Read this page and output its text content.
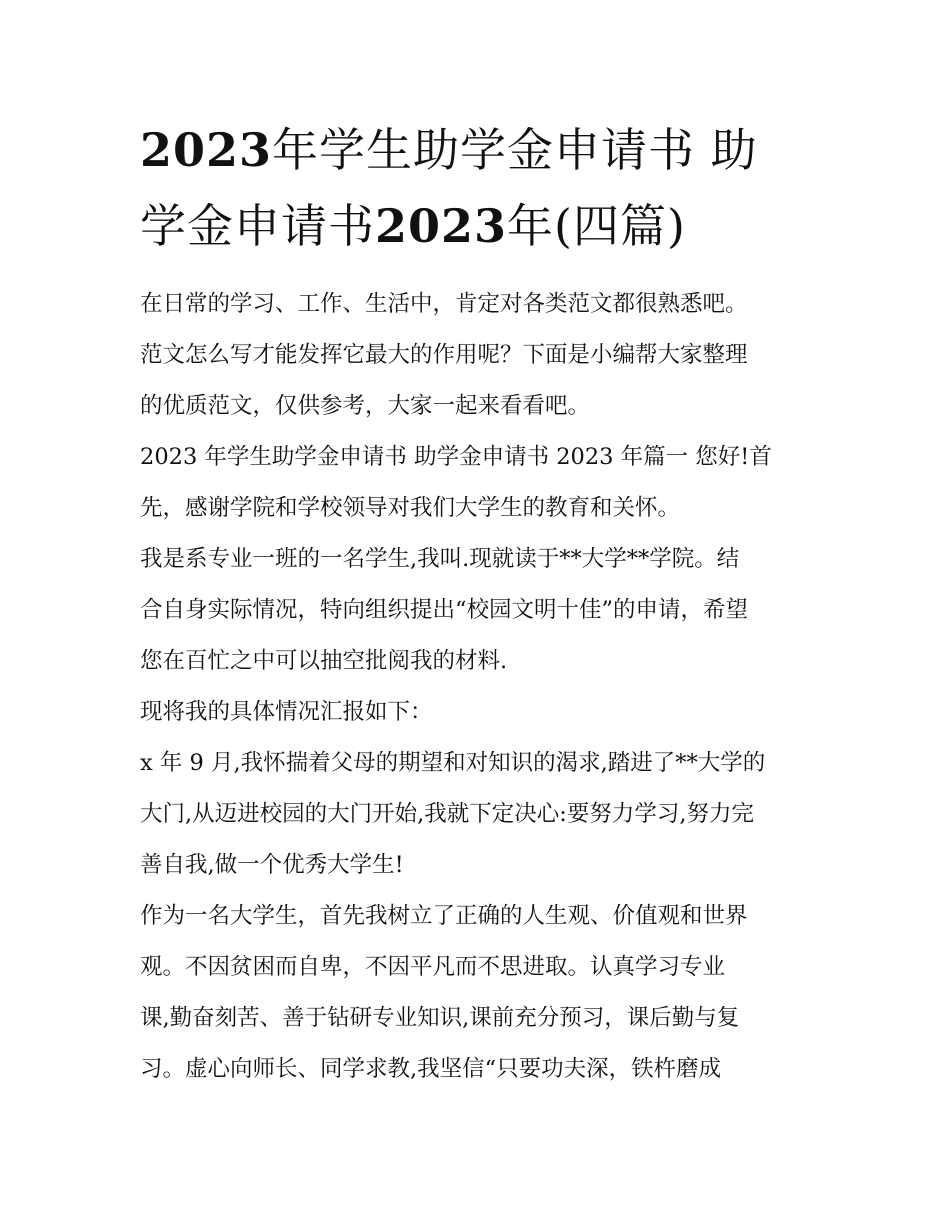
2023年学生助学金申请书 助
学金申请书2023年(四篇)

在日常的学习、工作、生活中，肯定对各类范文都很熟悉吧。
范文怎么写才能发挥它最大的作用呢？下面是小编帮大家整理
的优质范文，仅供参考，大家一起来看看吧。

2023 年学生助学金申请书 助学金申请书 2023 年篇一 您好!首
先，感谢学院和学校领导对我们大学生的教育和关怀。

我是系专业一班的一名学生,我叫.现就读于**大学**学院。结
合自身实际情况，特向组织提出“校园文明十佳”的申请，希望
您在百忙之中可以抽空批阅我的材料.

现将我的具体情况汇报如下：

x 年 9 月,我怀揣着父母的期望和对知识的渴求,踏进了**大学的
大门,从迈进校园的大门开始,我就下定决心:要努力学习,努力完
善自我,做一个优秀大学生!

作为一名大学生，首先我树立了正确的人生观、价值观和世界
观。不因贫困而自卑，不因平凡而不思进取。认真学习专业
课,勤奋刻苦、善于钻研专业知识,课前充分预习，课后勤与复
习。虚心向师长、同学求教,我坚信“只要功夫深，铁杵磨成
